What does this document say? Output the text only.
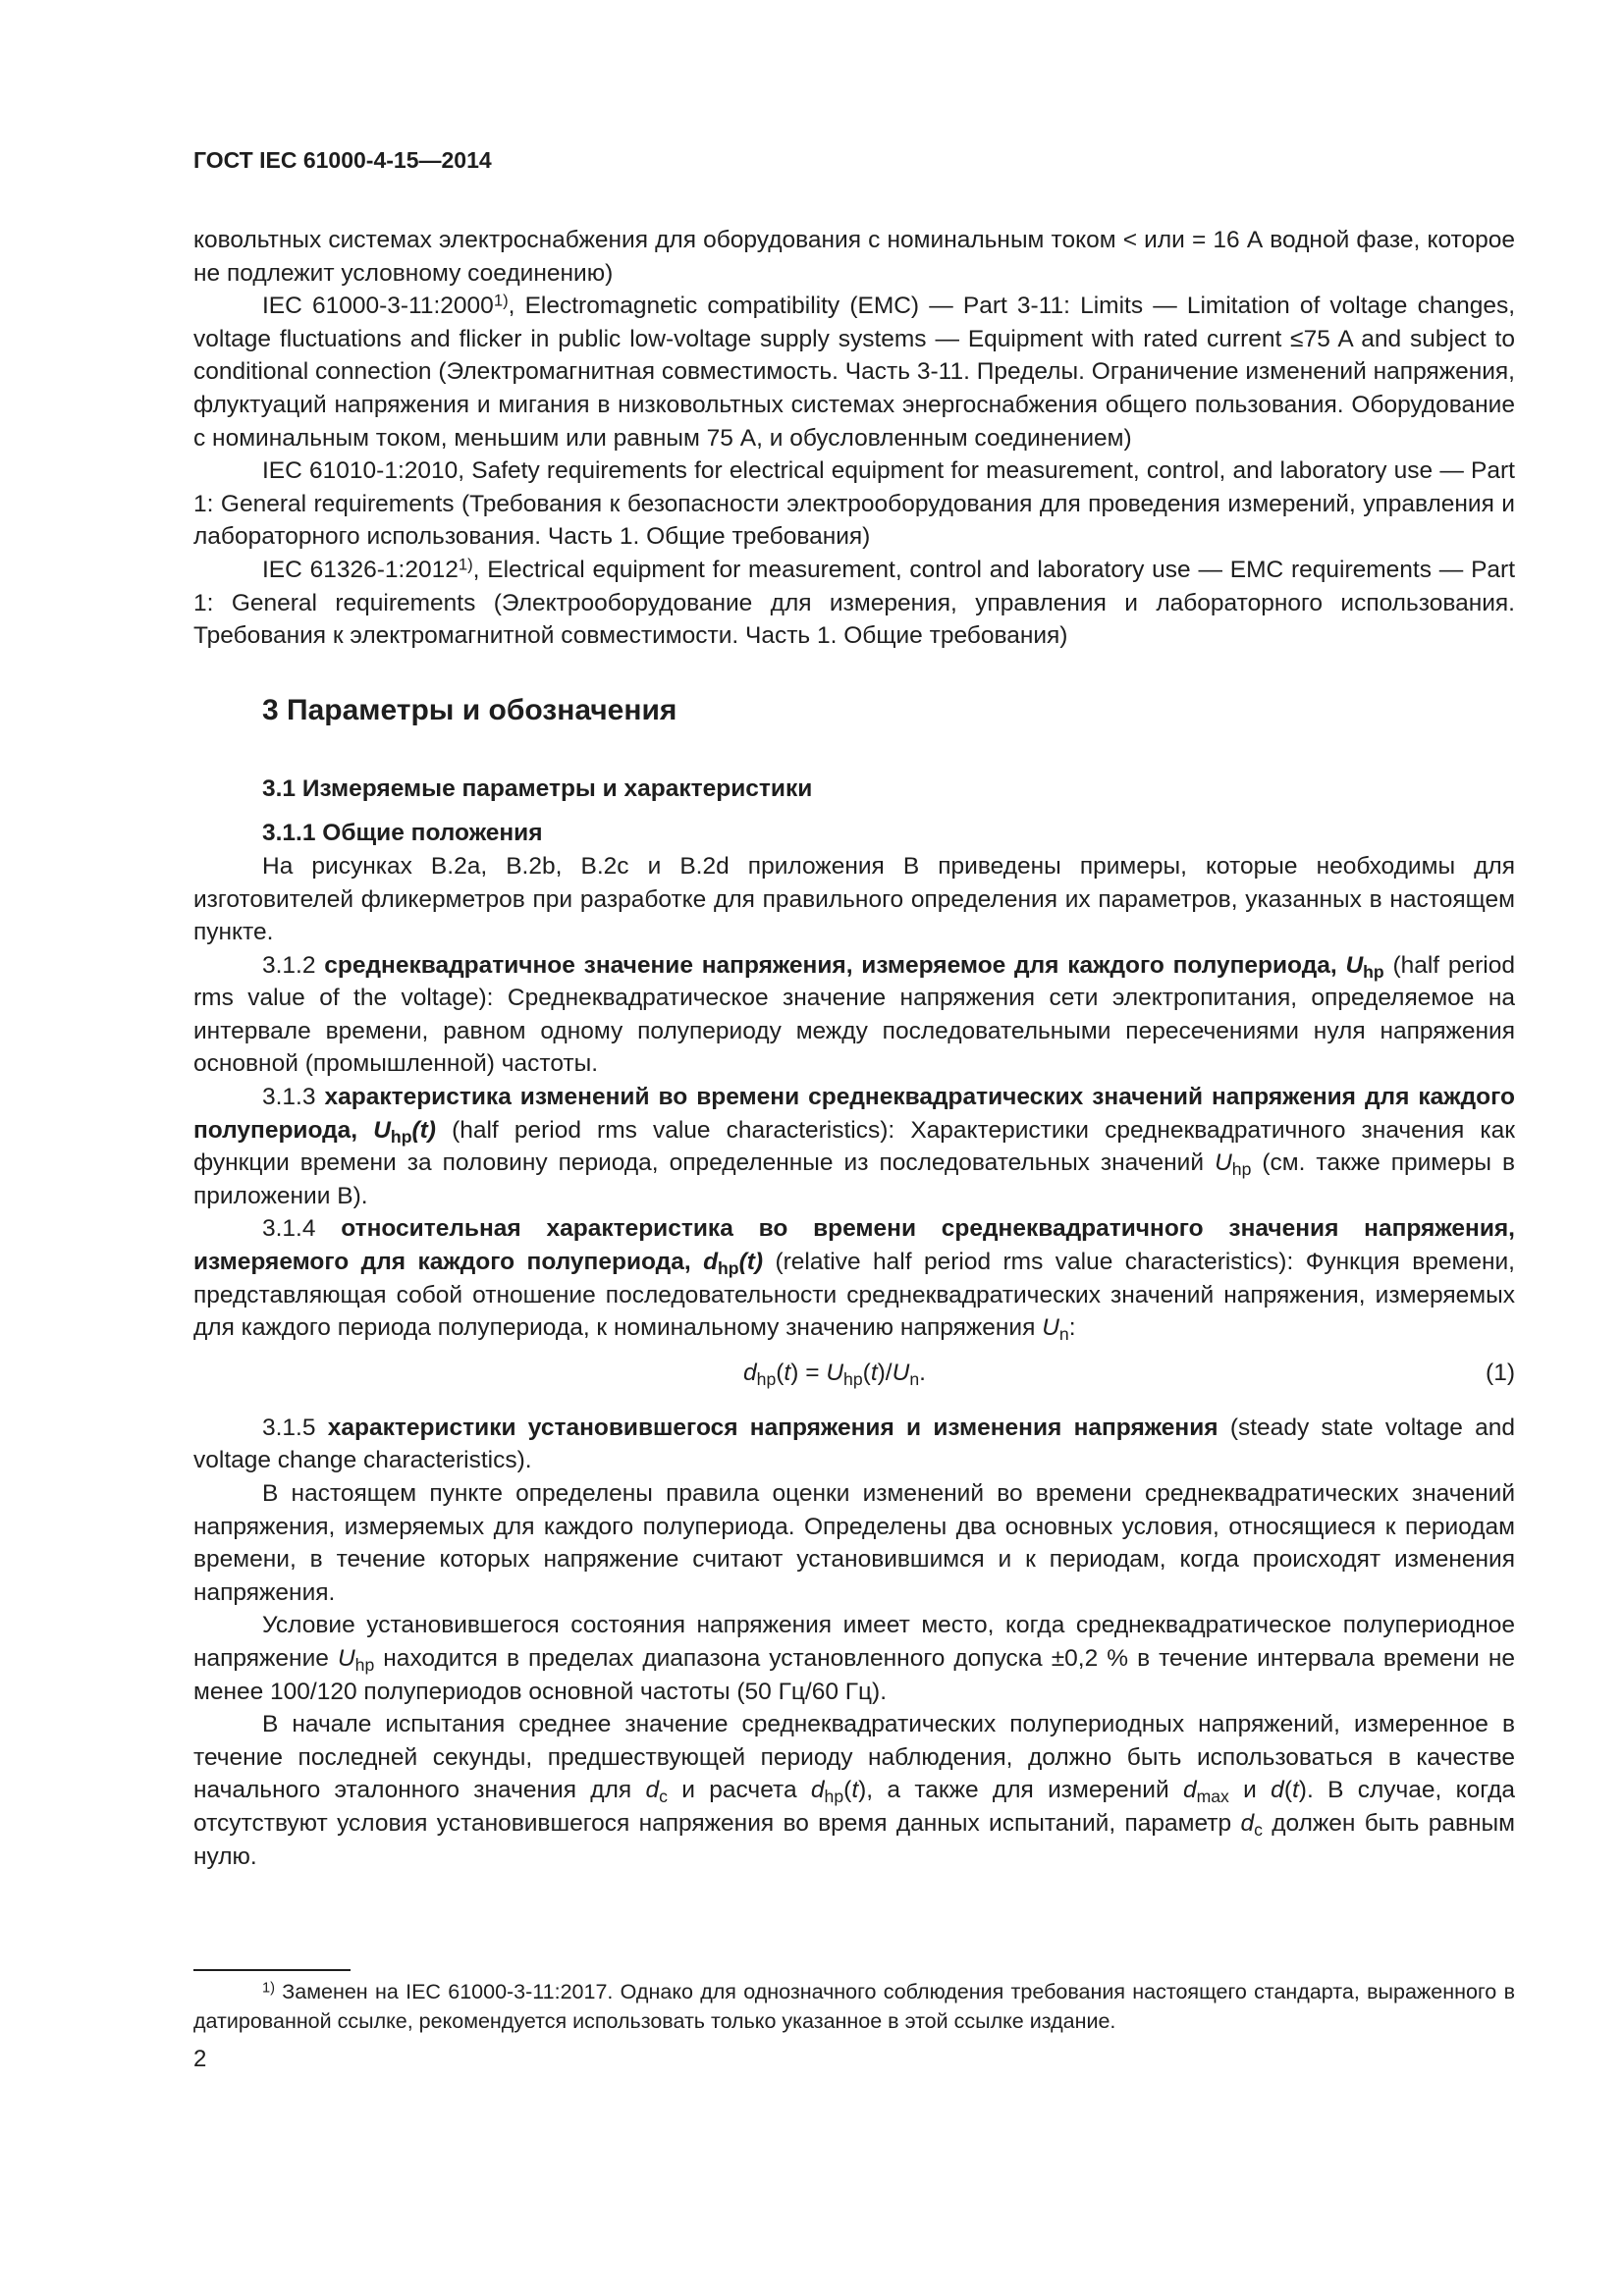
ГОСТ IEC 61000-4-15—2014

ковольтных системах электроснабжения для оборудования с номинальным током < или = 16 А водной фазе, которое не подлежит условному соединению)

IEC 61000-3-11:2000$^{1)}$, Electromagnetic compatibility (EMC) — Part 3-11: Limits — Limitation of voltage changes, voltage fluctuations and flicker in public low-voltage supply systems — Equipment with rated current ≤75 A and subject to conditional connection (Электромагнитная совместимость. Часть 3-11. Пределы. Ограничение изменений напряжения, флуктуаций напряжения и мигания в низковольтных системах энергоснабжения общего пользования. Оборудование с номинальным током, меньшим или равным 75 А, и обусловленным соединением)

IEC 61010-1:2010, Safety requirements for electrical equipment for measurement, control, and laboratory use — Part 1: General requirements (Требования к безопасности электрооборудования для проведения измерений, управления и лабораторного использования. Часть 1. Общие требования)

IEC 61326-1:2012$^{1)}$, Electrical equipment for measurement, control and laboratory use — EMC requirements — Part 1: General requirements (Электрооборудование для измерения, управления и лабораторного использования. Требования к электромагнитной совместимости. Часть 1. Общие требования)

3 Параметры и обозначения

3.1 Измеряемые параметры и характеристики

3.1.1 Общие положения

На рисунках В.2a, В.2b, В.2с и В.2d приложения В приведены примеры, которые необходимы для изготовителей фликерметров при разработке для правильного определения их параметров, указанных в настоящем пункте.

3.1.2 среднеквадратичное значение напряжения, измеряемое для каждого полупериода, $U_{hp}$ (half period rms value of the voltage): Среднеквадратическое значение напряжения сети электропитания, определяемое на интервале времени, равном одному полупериоду между последовательными пересечениями нуля напряжения основной (промышленной) частоты.

3.1.3 характеристика изменений во времени среднеквадратических значений напряжения для каждого полупериода, $U_{hp}(t)$ (half period rms value characteristics): Характеристики среднеквадратичного значения как функции времени за половину периода, определенные из последовательных значений $U_{hp}$ (см. также примеры в приложении В).

3.1.4 относительная характеристика во времени среднеквадратичного значения напряжения, измеряемого для каждого полупериода, $d_{hp}(t)$ (relative half period rms value characteristics): Функция времени, представляющая собой отношение последовательности среднеквадратических значений напряжения, измеряемых для каждого периода полупериода, к номинальному значению напряжения $U_n$:

$d_{hp}(t) = U_{hp}(t)/U_n$.	(1)

3.1.5 характеристики установившегося напряжения и изменения напряжения (steady state voltage and voltage change characteristics).

В настоящем пункте определены правила оценки изменений во времени среднеквадратических значений напряжения, измеряемых для каждого полупериода. Определены два основных условия, относящиеся к периодам времени, в течение которых напряжение считают установившимся и к периодам, когда происходят изменения напряжения.

Условие установившегося состояния напряжения имеет место, когда среднеквадратическое полупериодное напряжение $U_{hp}$ находится в пределах диапазона установленного допуска ±0,2 % в течение интервала времени не менее 100/120 полупериодов основной частоты (50 Гц/60 Гц).

В начале испытания среднее значение среднеквадратических полупериодных напряжений, измеренное в течение последней секунды, предшествующей периоду наблюдения, должно быть использоваться в качестве начального эталонного значения для $d_c$ и расчета $d_{hp}(t)$, а также для измерений $d_{max}$ и d(t). В случае, когда отсутствуют условия установившегося напряжения во время данных испытаний, параметр $d_c$ должен быть равным нулю.

$^{1)}$ Заменен на IEC 61000-3-11:2017. Однако для однозначного соблюдения требования настоящего стандарта, выраженного в датированной ссылке, рекомендуется использовать только указанное в этой ссылке издание.

2
